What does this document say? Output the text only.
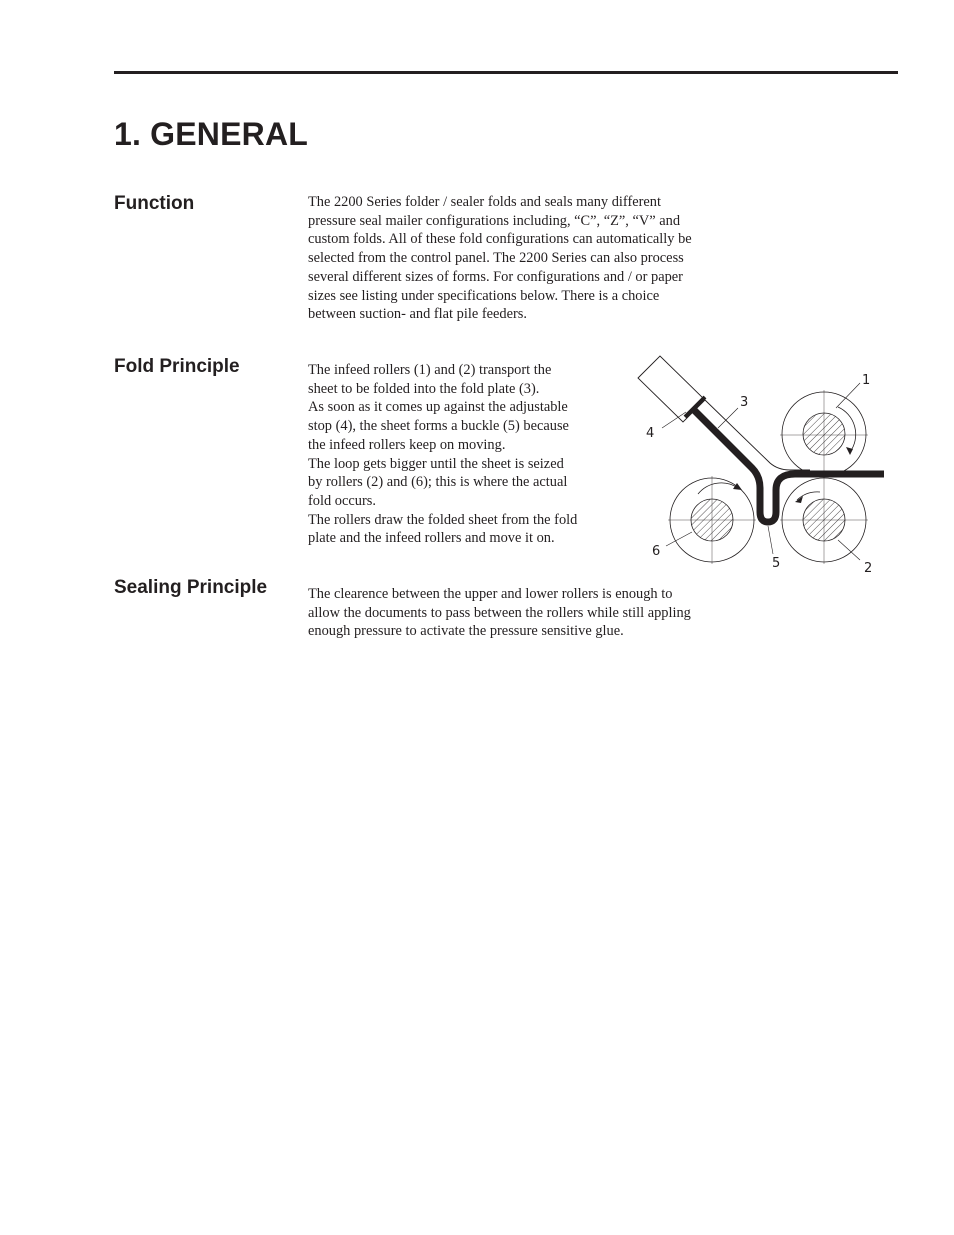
1. GENERAL
Function	The 2200 Series folder / sealer folds and seals many different
pressure seal mailer configurations including, “C”, “Z”, “V” and
custom folds. All of these fold configurations can automatically be
selected from the control panel. The 2200 Series can also process
several different sizes of forms. For configurations and / or paper
sizes see listing under specifications below. There is a choice
between suction- and flat pile feeders.

Fold Principle	The infeed rollers (1) and (2) transport the
sheet to be folded into the fold plate (3).
As soon as it comes up against the adjustable
stop (4), the sheet forms a buckle (5) because
the infeed rollers keep on moving.
The loop gets bigger until the sheet is seized
by rollers (2) and (6); this is where the actual
fold occurs.
The rollers draw the folded sheet from the fold
plate and the infeed rollers and move it on.

1
2
3
4
5
6
Sealing Principle	The clearence between the upper and lower rollers is enough to
allow the documents to pass between the rollers while still appling
enough pressure to activate the pressure sensitive glue.
